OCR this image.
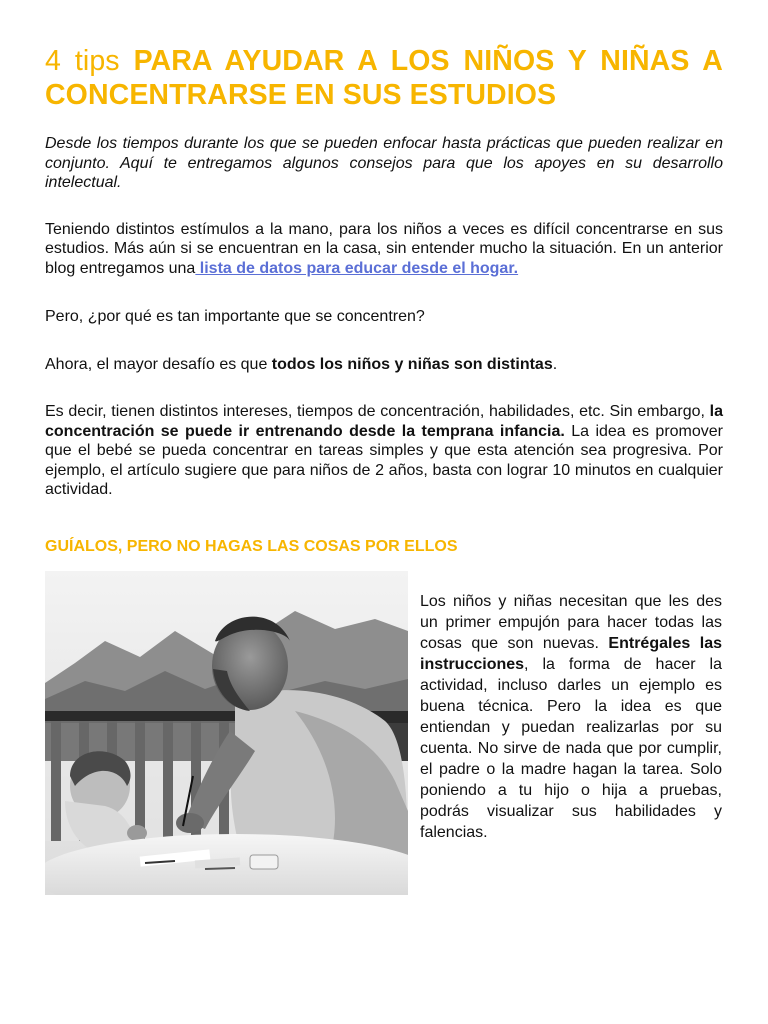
4 tips PARA AYUDAR A LOS NIÑOS Y NIÑAS A CONCENTRARSE EN SUS ESTUDIOS

Desde los tiempos durante los que se pueden enfocar hasta prácticas que pueden realizar en conjunto. Aquí te entregamos algunos consejos para que los apoyes en su desarrollo intelectual.

Teniendo distintos estímulos a la mano, para los niños a veces es difícil concentrarse en sus estudios. Más aún si se encuentran en la casa, sin entender mucho la situación. En un anterior blog entregamos una lista de datos para educar desde el hogar.

Pero, ¿por qué es tan importante que se concentren?

Ahora, el mayor desafío es que todos los niños y niñas son distintas.

Es decir, tienen distintos intereses, tiempos de concentración, habilidades, etc. Sin embargo, la concentración se puede ir entrenando desde la temprana infancia. La idea es promover que el bebé se pueda concentrar en tareas simples y que esta atención sea progresiva. Por ejemplo, el artículo sugiere que para niños de 2 años, basta con lograr 10 minutos en cualquier actividad.

GUÍALOS, PERO NO HAGAS LAS COSAS POR ELLOS

Los niños y niñas necesitan que les des un primer empujón para hacer todas las cosas que son nuevas. Entrégales las instrucciones, la forma de hacer la actividad, incluso darles un ejemplo es buena técnica. Pero la idea es que entiendan y puedan realizarlas por su cuenta. No sirve de nada que por cumplir, el padre o la madre hagan la tarea. Solo poniendo a tu hijo o hija a pruebas, podrás visualizar sus habilidades y falencias.
